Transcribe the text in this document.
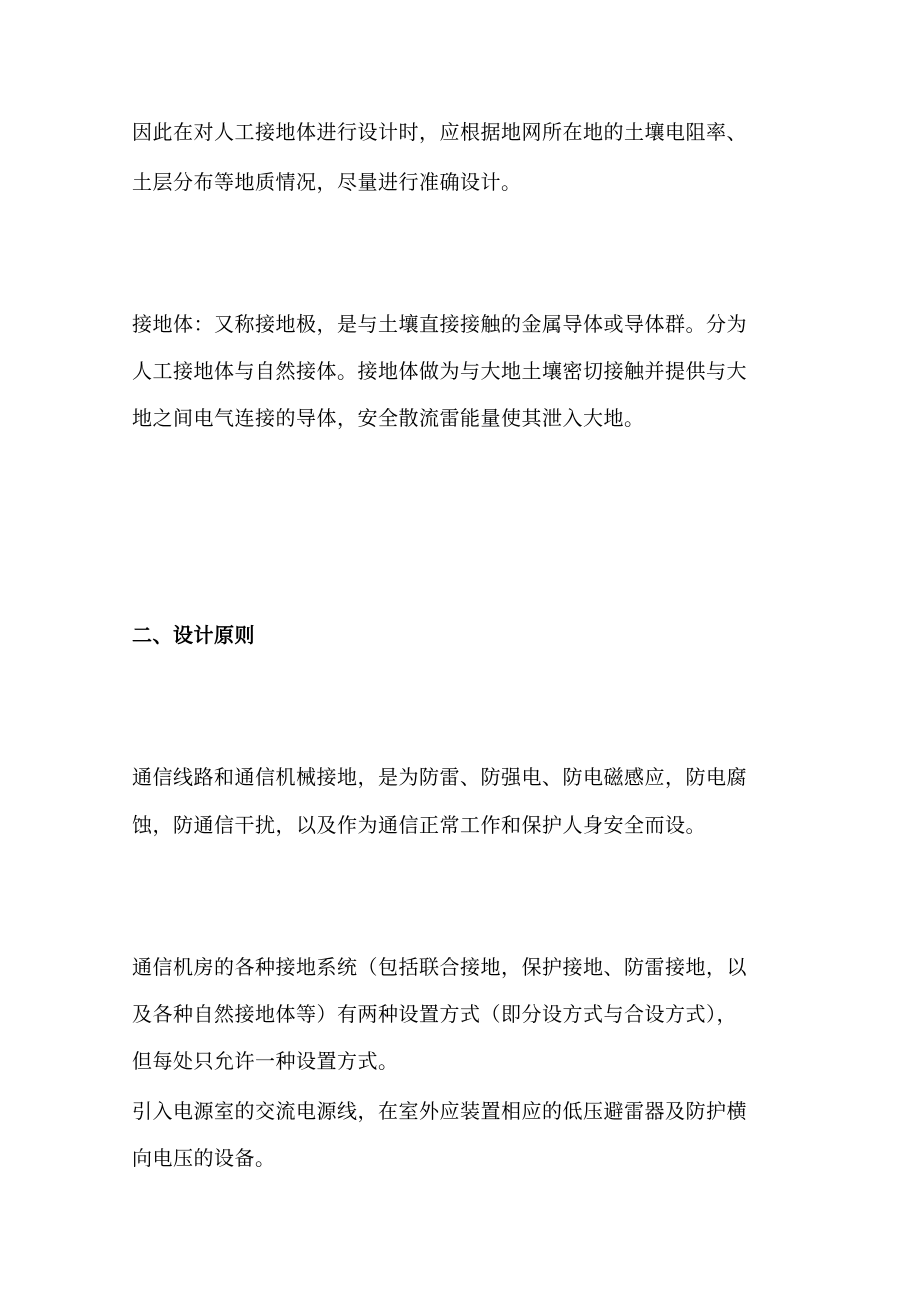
因此在对人工接地体进行设计时，应根据地网所在地的土壤电阻率、
土层分布等地质情况，尽量进行准确设计。
接地体：又称接地极，是与土壤直接接触的金属导体或导体群。分为
人工接地体与自然接体。接地体做为与大地土壤密切接触并提供与大
地之间电气连接的导体，安全散流雷能量使其泄入大地。
二、设计原则
通信线路和通信机械接地，是为防雷、防强电、防电磁感应，防电腐
蚀，防通信干扰，以及作为通信正常工作和保护人身安全而设。
通信机房的各种接地系统（包括联合接地，保护接地、防雷接地，以
及各种自然接地体等）有两种设置方式（即分设方式与合设方式），
但每处只允许一种设置方式。
引入电源室的交流电源线，在室外应装置相应的低压避雷器及防护横
向电压的设备。
